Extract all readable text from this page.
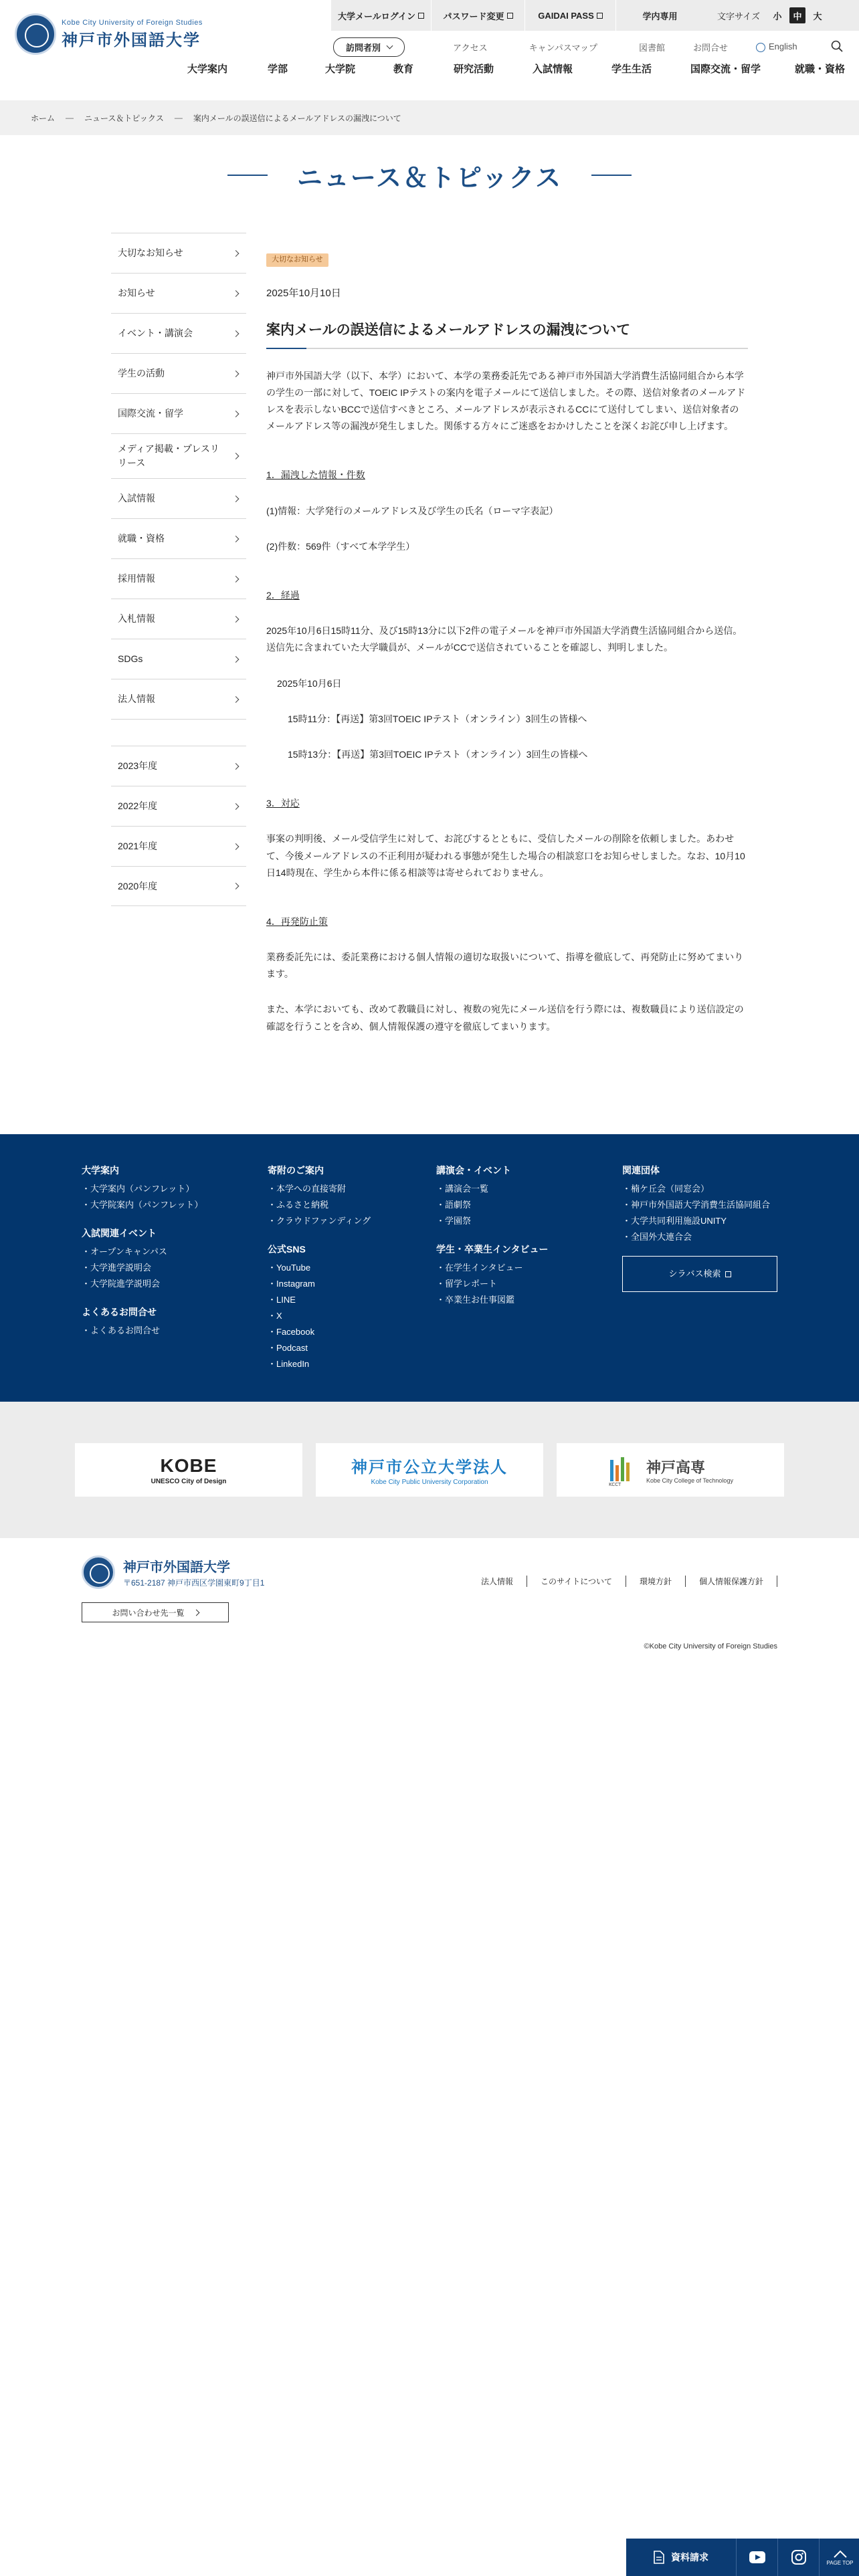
Kobe City University of Foreign Studies
神戸市外国語大学
大学メールログイン	パスワード変更	GAIDAI PASS	学内専用	文字サイズ	小	中	大
訪問者別	アクセス	キャンパスマップ	図書館	お問合せ	English
大学案内	学部	大学院	教育	研究活動	入試情報	学生生活	国際交流・留学	就職・資格
ホーム — ニュース＆トピックス — 案内メールの誤送信によるメールアドレスの漏洩について
ニュース＆トピックス
大切なお知らせ
お知らせ
イベント・講演会
学生の活動
国際交流・留学
メディア掲載・プレスリリース
入試情報
就職・資格
採用情報
入札情報
SDGs
法人情報
2023年度
2022年度
2021年度
2020年度
大切なお知らせ
2025年10月10日
案内メールの誤送信によるメールアドレスの漏洩について

神戸市外国語大学（以下、本学）において、本学の業務委託先である神戸市外国語大学消費生活協同組合から本学の学生の一部に対して、TOEIC IPテストの案内を電子メールにて送信しました。その際、送信対象者のメールアドレスを表示しないBCCで送信すべきところ、メールアドレスが表示されるCCにて送付してしまい、送信対象者のメールアドレス等の漏洩が発生しました。関係する方々にご迷惑をおかけしたことを深くお詫び申し上げます。

1．漏洩した情報・件数

(1)情報：大学発行のメールアドレス及び学生の氏名（ローマ字表記）

(2)件数：569件（すべて本学学生）

2．経過

2025年10月6日15時11分、及び15時13分に以下2件の電子メールを神戸市外国語大学消費生活協同組合から送信。送信先に含まれていた大学職員が、メールがCCで送信されていることを確認し、判明しました。

2025年10月6日

15時11分：【再送】第3回TOEIC IPテスト（オンライン）3回生の皆様へ

15時13分：【再送】第3回TOEIC IPテスト（オンライン）3回生の皆様へ

3．対応

事案の判明後、メール受信学生に対して、お詫びするとともに、受信したメールの削除を依頼しました。あわせて、今後メールアドレスの不正利用が疑われる事態が発生した場合の相談窓口をお知らせしました。なお、10月10日14時現在、学生から本件に係る相談等は寄せられておりません。

4．再発防止策

業務委託先には、委託業務における個人情報の適切な取扱いについて、指導を徹底して、再発防止に努めてまいります。

また、本学においても、改めて教職員に対し、複数の宛先にメール送信を行う際には、複数職員により送信設定の確認を行うことを含め、個人情報保護の遵守を徹底してまいります。

大学案内
・大学案内（パンフレット）
・大学院案内（パンフレット）
入試関連イベント
・オープンキャンパス
・大学進学説明会
・大学院進学説明会
よくあるお問合せ
・よくあるお問合せ
寄附のご案内
・本学への直接寄附
・ふるさと納税
・クラウドファンディング
公式SNS
・YouTube
・Instagram
・LINE
・X
・Facebook
・Podcast
・LinkedIn
講演会・イベント
・講演会一覧
・語劇祭
・学園祭
学生・卒業生インタビュー
・在学生インタビュー
・留学レポート
・卒業生お仕事図鑑
関連団体
・楠ケ丘会（同窓会）
・神戸市外国語大学消費生活協同組合
・大学共同利用施設UNITY
・全国外大連合会
シラバス検索
KOBE
UNESCO City of Design
神戸市公立大学法人
Kobe City Public University Corporation	KCCT
神戸高専
Kobe City College of Technology
神戸市外国語大学
〒651-2187 神戸市西区学園東町9丁目1
お問い合わせ先一覧
法人情報	このサイトについて	環境方針	個人情報保護方針
©Kobe City University of Foreign Studies
資料請求	PAGE TOP
